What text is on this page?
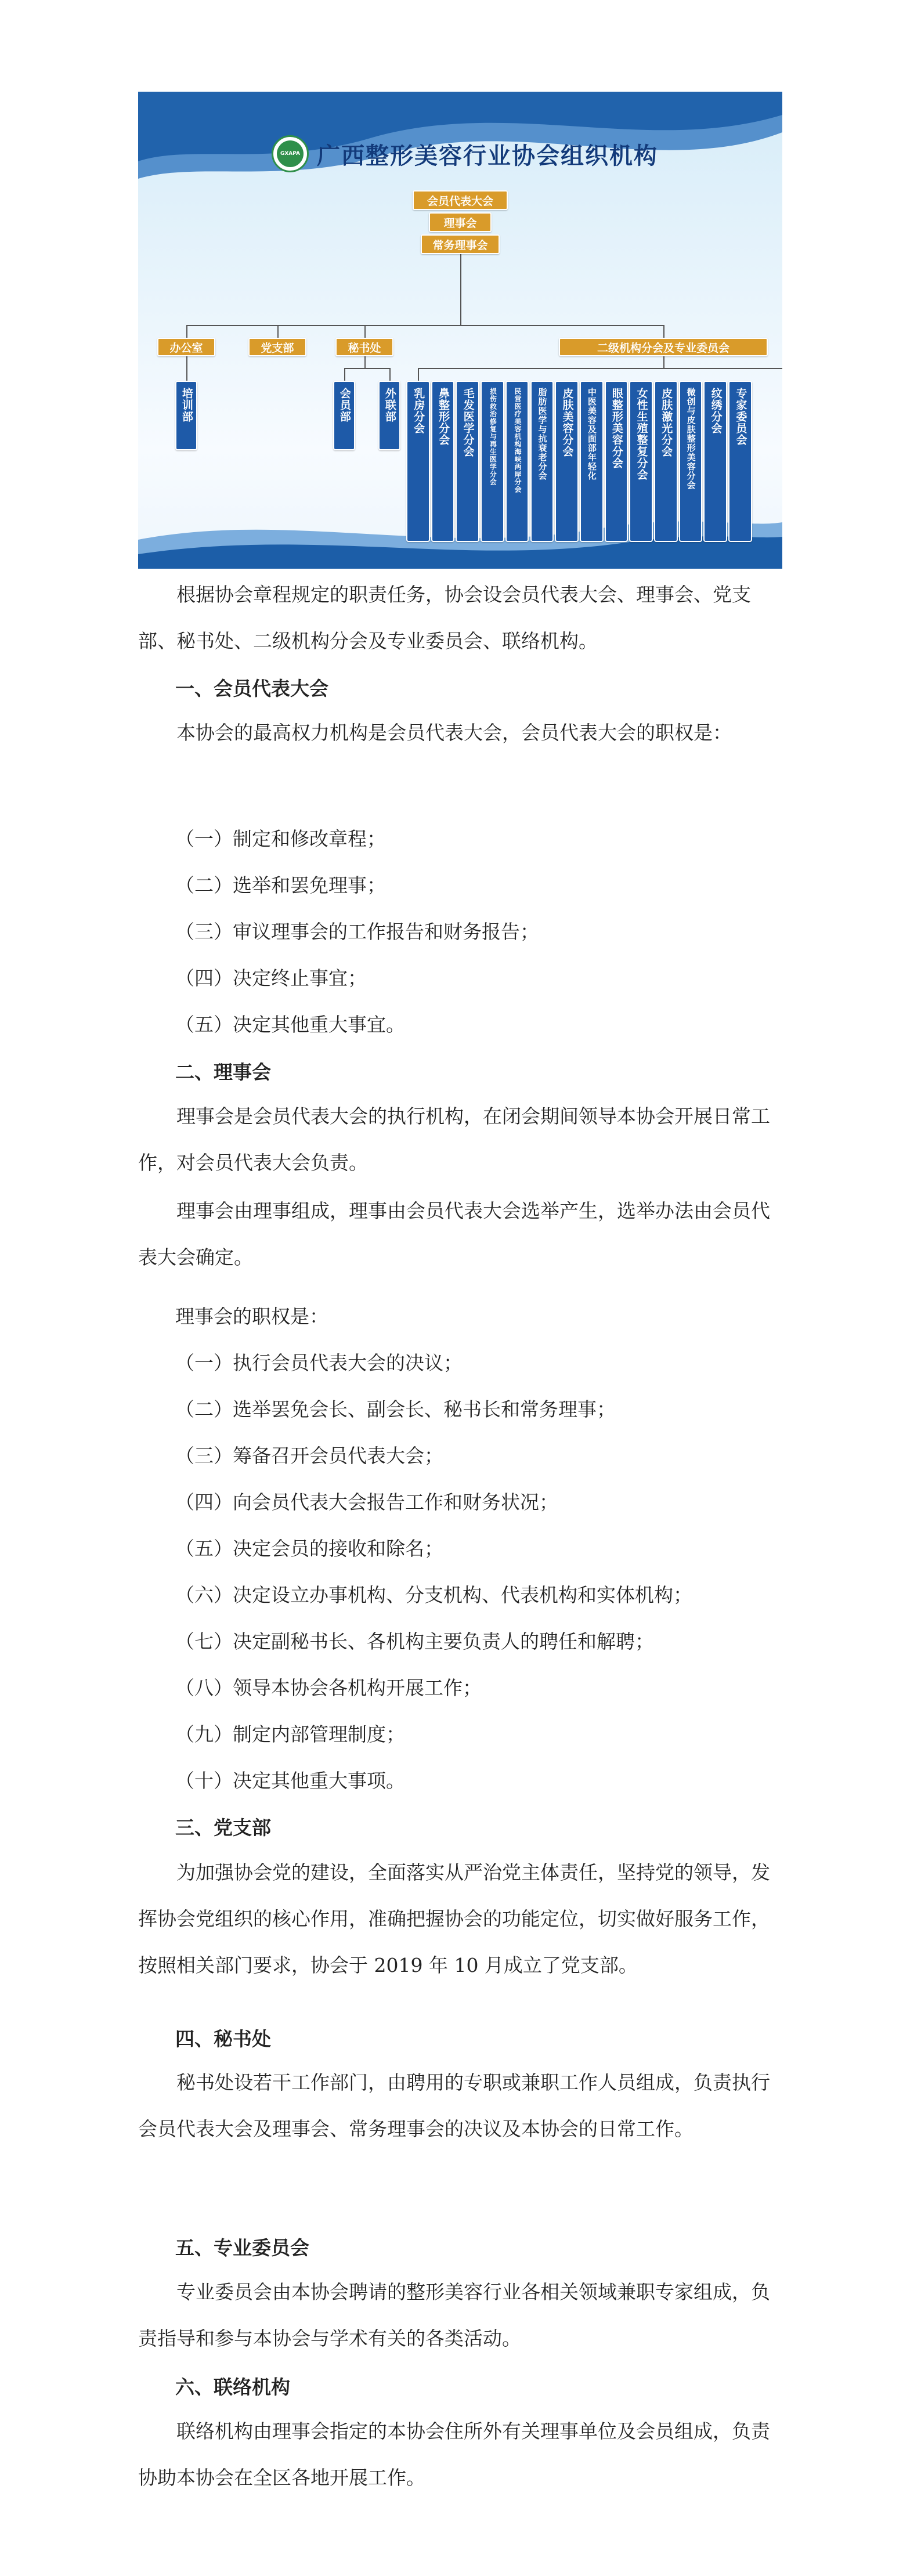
GXAPA 广西整形美容行业协会组织机构
会员代表大会
理事会
常务理事会
办公室	党支部	秘书处	二级机构分会及专业委员会
培训部	会员部	外联部	乳房分会	鼻整形分会	毛发医学分会	损伤救治修复与再生医学分会	民营医疗美容机构海峡两岸分会	脂肪医学与抗衰老分会	皮肤美容分会	中医美容及面部年轻化	眼整形美容分会	女性生殖整复分会	皮肤激光分会	微创与皮肤整形美容分会	纹绣分会	专家委员会

根据协会章程规定的职责任务，协会设会员代表大会、理事会、党支部、秘书处、二级机构分会及专业委员会、联络机构。

一、会员代表大会

本协会的最高权力机构是会员代表大会，会员代表大会的职权是：

（一）制定和修改章程；

（二）选举和罢免理事；

（三）审议理事会的工作报告和财务报告；

（四）决定终止事宜；

（五）决定其他重大事宜。

二、理事会

理事会是会员代表大会的执行机构，在闭会期间领导本协会开展日常工作，对会员代表大会负责。

理事会由理事组成，理事由会员代表大会选举产生，选举办法由会员代表大会确定。

理事会的职权是：

（一）执行会员代表大会的决议；

（二）选举罢免会长、副会长、秘书长和常务理事；

（三）筹备召开会员代表大会；

（四）向会员代表大会报告工作和财务状况；

（五）决定会员的接收和除名；

（六）决定设立办事机构、分支机构、代表机构和实体机构；

（七）决定副秘书长、各机构主要负责人的聘任和解聘；

（八）领导本协会各机构开展工作；

（九）制定内部管理制度；

（十）决定其他重大事项。

三、党支部

为加强协会党的建设，全面落实从严治党主体责任，坚持党的领导，发挥协会党组织的核心作用，准确把握协会的功能定位，切实做好服务工作，按照相关部门要求，协会于 2019 年 10 月成立了党支部。

四、秘书处

秘书处设若干工作部门，由聘用的专职或兼职工作人员组成，负责执行会员代表大会及理事会、常务理事会的决议及本协会的日常工作。

五、专业委员会

专业委员会由本协会聘请的整形美容行业各相关领域兼职专家组成，负责指导和参与本协会与学术有关的各类活动。

六、联络机构

联络机构由理事会指定的本协会住所外有关理事单位及会员组成，负责协助本协会在全区各地开展工作。
